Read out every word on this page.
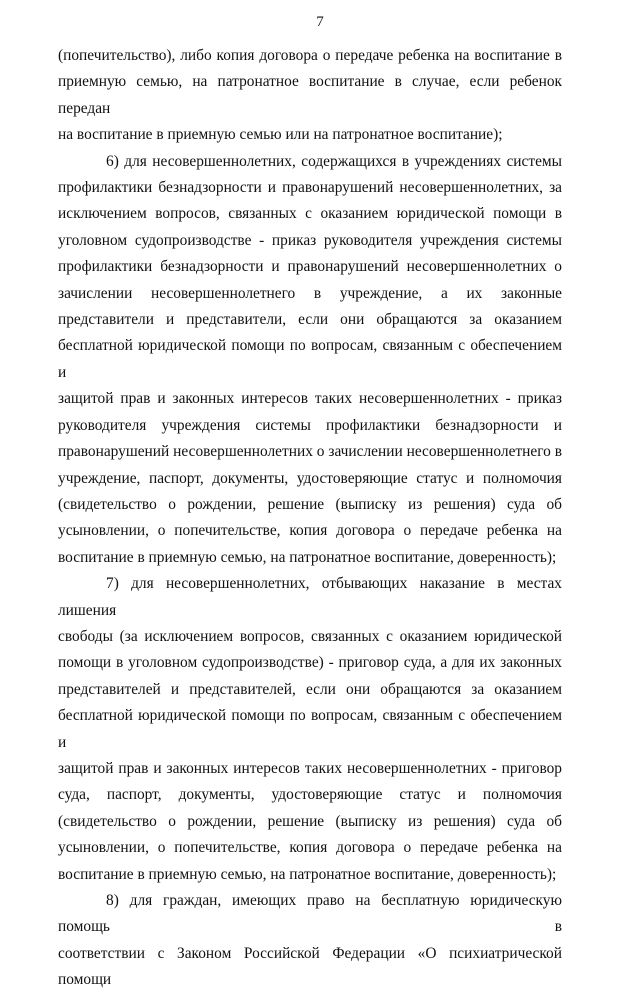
7

(попечительство), либо копия договора о передаче ребенка на воспитание в
приемную семью, на патронатное воспитание в случае, если ребенок передан
на воспитание в приемную семью или на патронатное воспитание);

6) для несовершеннолетних, содержащихся в учреждениях системы
профилактики безнадзорности и правонарушений несовершеннолетних, за
исключением вопросов, связанных с оказанием юридической помощи в
уголовном судопроизводстве - приказ руководителя учреждения системы
профилактики безнадзорности и правонарушений несовершеннолетних о
зачислении несовершеннолетнего в учреждение, а их законные
представители и представители, если они обращаются за оказанием
бесплатной юридической помощи по вопросам, связанным с обеспечением и
защитой прав и законных интересов таких несовершеннолетних - приказ
руководителя учреждения системы профилактики безнадзорности и
правонарушений несовершеннолетних о зачислении несовершеннолетнего в
учреждение, паспорт, документы, удостоверяющие статус и полномочия
(свидетельство о рождении, решение (выписку из решения) суда об
усыновлении, о попечительстве, копия договора о передаче ребенка на
воспитание в приемную семью, на патронатное воспитание, доверенность);

7) для несовершеннолетних, отбывающих наказание в местах лишения
свободы (за исключением вопросов, связанных с оказанием юридической
помощи в уголовном судопроизводстве) - приговор суда, а для их законных
представителей и представителей, если они обращаются за оказанием
бесплатной юридической помощи по вопросам, связанным с обеспечением и
защитой прав и законных интересов таких несовершеннолетних - приговор
суда, паспорт, документы, удостоверяющие статус и полномочия
(свидетельство о рождении, решение (выписку из решения) суда об
усыновлении, о попечительстве, копия договора о передаче ребенка на
воспитание в приемную семью, на патронатное воспитание, доверенность);

8) для граждан, имеющих право на бесплатную юридическую помощь в
соответствии с Законом Российской Федерации «О психиатрической помощи
